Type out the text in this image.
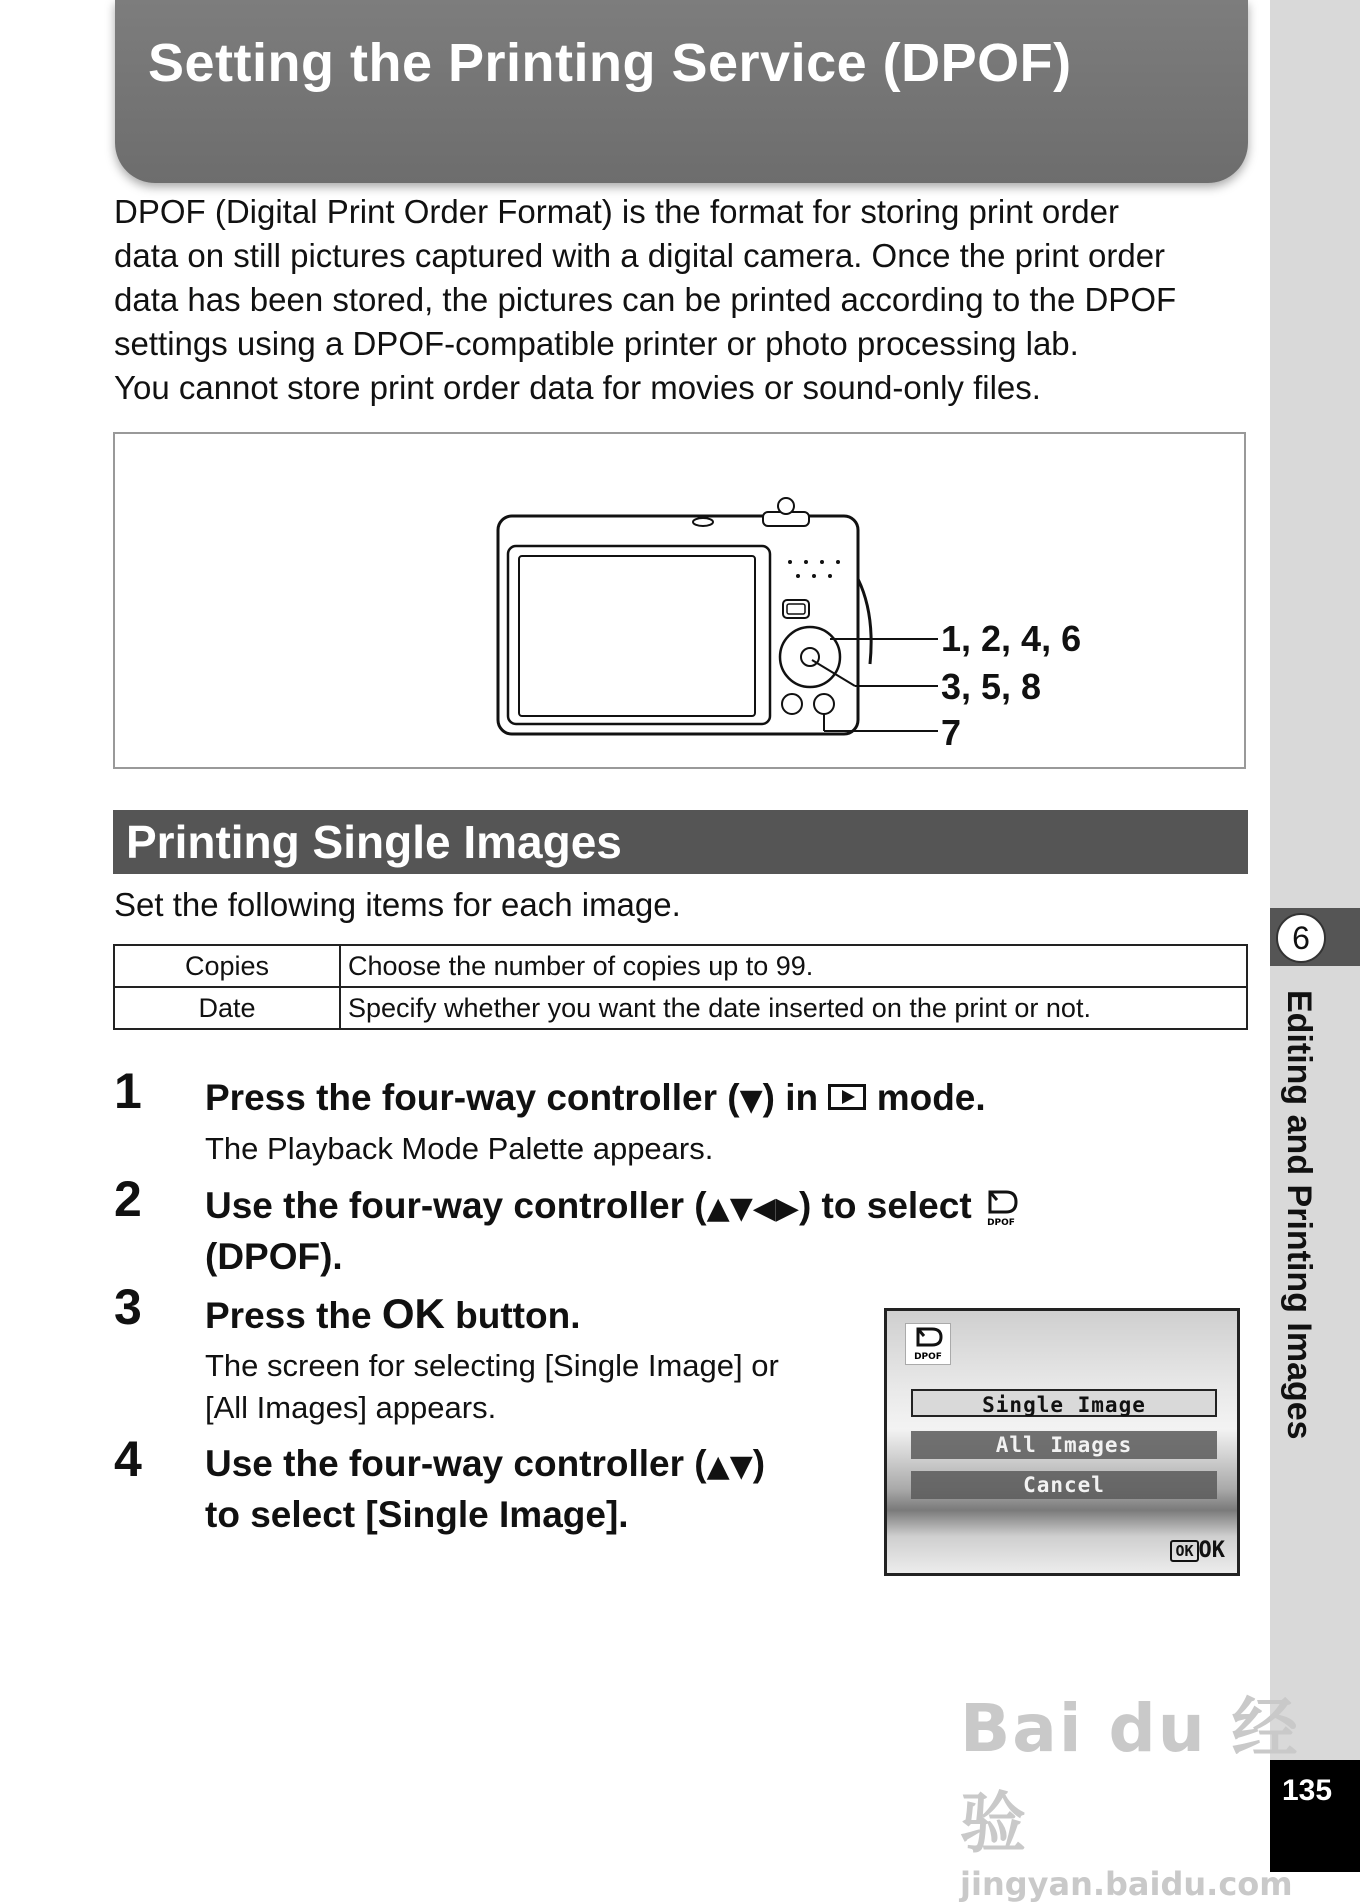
Setting the Printing Service (DPOF)
6
Editing and Printing Images
135

DPOF (Digital Print Order Format) is the format for storing print order

data on still pictures captured with a digital camera. Once the print order

data has been stored, the pictures can be printed according to the DPOF

settings using a DPOF-compatible printer or photo processing lab.

You cannot store print order data for movies or sound-only files.

1, 2, 4, 6
3, 5, 8
7
Printing Single Images
Set the following items for each image.
Copies	Choose the number of copies up to 99.
Date	Specify whether you want the date inserted on the print or not.
1 Press the four-way controller (▼) in mode.
The Playback Mode Palette appears.
2 Use the four-way controller (▲▼◀▶) to select DPOF

(DPOF).
3 Press the OK button.
The screen for selecting [Single Image] or
[All Images] appears.
4 Use the four-way controller (▲▼)
to select [Single Image].
DPOF
Single Image
All Images
Cancel
OK OK
Bai du 经验
jingyan.baidu.com
